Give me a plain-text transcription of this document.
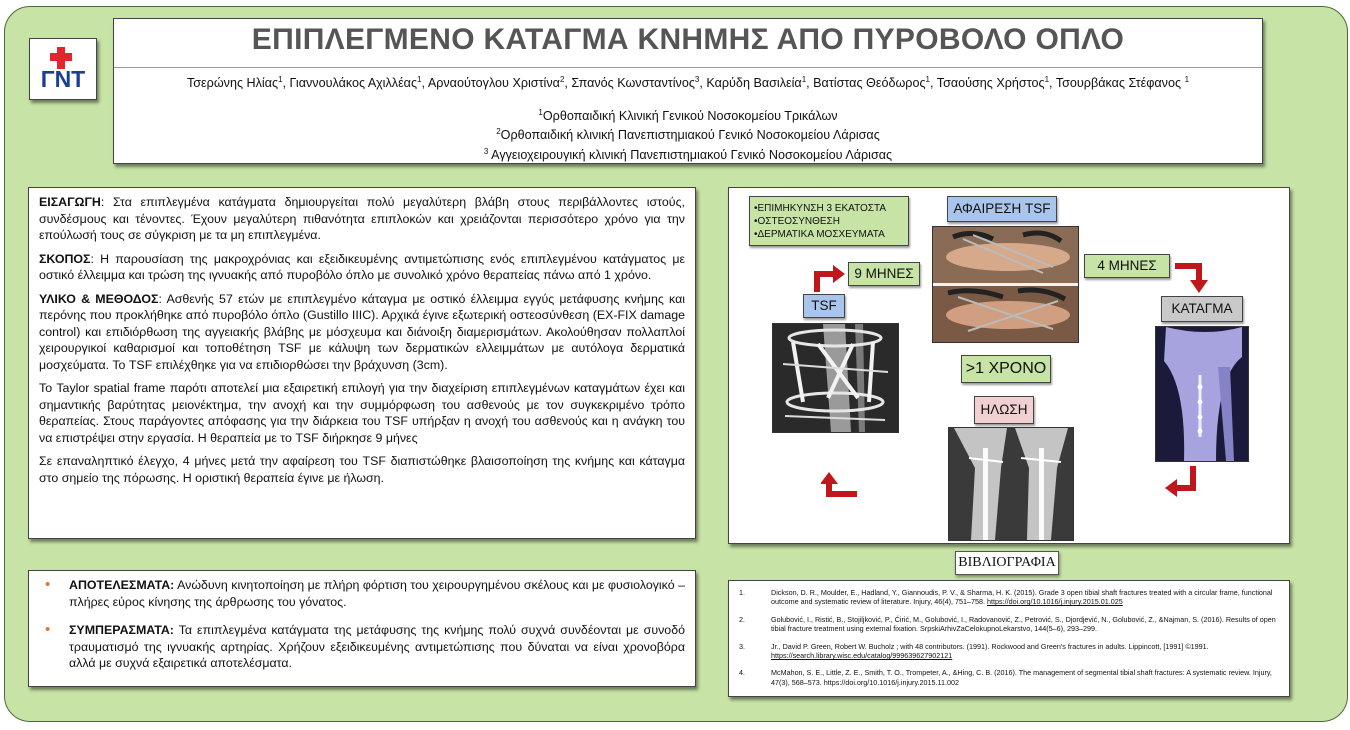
ΓΝΤ
ΕΠΙΠΛΕΓΜΕΝΟ ΚΑΤΑΓΜΑ ΚΝΗΜΗΣ ΑΠΟ ΠΥΡΟΒΟΛΟ ΟΠΛΟ
Τσερώνης Ηλίας$^1$, Γιαννουλάκος Αχιλλέας$^1$, Αρναούτογλου Χριστίνα$^2$, Σπανός Κωνσταντίνος$^3$, Καρύδη Βασιλεία$^1$, Βατίστας Θεόδωρος$^1$, Τσαούσης Χρήστος$^1$, Τσουρβάκας Στέφανος $^1$
$^1$Ορθοπαιδική Κλινική Γενικού Νοσοκομείου Τρικάλων
$^2$Ορθοπαιδική κλινική Πανεπιστημιακού Γενικό Νοσοκομείου Λάρισας
$^3$ Αγγειοχειρουγική κλινική Πανεπιστημιακού Γενικό Νοσοκομείου Λάρισας

ΕΙΣΑΓΩΓΗ: Στα επιπλεγμένα κατάγματα δημιουργείται πολύ μεγαλύτερη βλάβη στους περιβάλλοντες ιστούς, συνδέσμους και τένοντες. Έχουν μεγαλύτερη πιθανότητα επιπλοκών και χρειάζονται περισσότερο χρόνο για την επούλωσή τους σε σύγκριση με τα μη επιπλεγμένα.

ΣΚΟΠΟΣ: Η παρουσίαση της μακροχρόνιας και εξειδικευμένης αντιμετώπισης ενός επιπλεγμένου κατάγματος με οστικό έλλειμμα και τρώση της ιγνυακής από πυροβόλο όπλο με συνολικό χρόνο θεραπείας πάνω από 1 χρόνο.

ΥΛΙΚΟ & ΜΕΘΟΔΟΣ: Ασθενής 57 ετών με επιπλεγμένο κάταγμα με οστικό έλλειμμα εγγύς μετάφυσης κνήμης και περόνης που προκλήθηκε από πυροβόλο όπλο (Gustillo IIIC). Αρχικά έγινε εξωτερική οστεοσύνθεση (EX-FIX damage control) και επιδιόρθωση της αγγειακής βλάβης με μόσχευμα και διάνοιξη διαμερισμάτων. Ακολούθησαν πολλαπλοί χειρουργικοί καθαρισμοί και τοποθέτηση TSF με κάλυψη των δερματικών ελλειμμάτων με αυτόλογα δερματικά μοσχεύματα. Το TSF επιλέχθηκε για να επιδιορθώσει την βράχυνση (3cm).

Το Taylor spatial frame παρότι αποτελεί μια εξαιρετική επιλογή για την διαχείριση επιπλεγμένων καταγμάτων έχει και σημαντικής βαρύτητας μειονέκτημα, την ανοχή και την συμμόρφωση του ασθενούς με τον συγκεκριμένο τρόπο θεραπείας. Στους παράγοντες απόφασης για την διάρκεια του TSF υπήρξαν η ανοχή του ασθενούς και η ανάγκη του να επιστρέψει στην εργασία. Η θεραπεία με το TSF διήρκησε 9 μήνες

Σε επαναληπτικό έλεγχο, 4 μήνες μετά την αφαίρεση του TSF διαπιστώθηκε βλαισοποίηση της κνήμης και κάταγμα στο σημείο της πόρωσης. Η οριστική θεραπεία έγινε με ήλωση.

• ΑΠΟΤΕΛΕΣΜΑΤΑ: Ανώδυνη κινητοποίηση με πλήρη φόρτιση του χειρουργημένου σκέλους και με φυσιολογικό – πλήρες εύρος κίνησης της άρθρωσης του γόνατος.
• ΣΥΜΠΕΡΑΣΜΑΤΑ: Τα επιπλεγμένα κατάγματα της μετάφυσης της κνήμης πολύ συχνά συνδέονται με συνοδό τραυματισμό της ιγνυακής αρτηρίας. Χρήζουν εξειδικευμένης αντιμετώπισης που δύναται να είναι χρονοβόρα αλλά με συχνά εξαιρετικά αποτελέσματα.
•ΕΠΙΜΗΚΥΝΣΗ 3 ΕΚΑΤΟΣΤΑ
•ΟΣΤΕΟΣΥΝΘΕΣΗ
•ΔΕΡΜΑΤΙΚΑ ΜΟΣΧΕΥΜΑΤΑ
ΑΦΑΙΡΕΣΗ TSF
9 ΜΗΝΕΣ
4 ΜΗΝΕΣ
TSF	ΚΑΤΑΓΜΑ
>1 ΧΡΟΝΟ
ΗΛΩΣΗ
ΒΙΒΛΙΟΓΡΑΦΙΑ
1.	Dickson, D. R., Moulder, E., Hadland, Y., Giannoudis, P. V., & Sharma, H. K. (2015). Grade 3 open tibial shaft fractures treated with a circular frame, functional outcome and systematic review of literature. Injury, 46(4), 751–758. https://doi.org/10.1016/j.injury.2015.01.025
2.	Golubović, I., Ristić, B., Stojiljković, P., Ćirić, M., Golubović, I., Radovanović, Z., Petrović, S., Djordjević, N., Golubović, Z., &Najman, S. (2016). Results of open tibial fracture treatment using external fixation. SrpskiArhivZaCelokupnoLekarstvo, 144(5–6), 293–299.
3.	Jr., David P. Green, Robert W. Bucholz ; with 48 contributors. (1991). Rockwood and Green's fractures in adults. Lippincott, [1991] ©1991. https://search.library.wisc.edu/catalog/999639627902121
4.	McMahon, S. E., Little, Z. E., Smith, T. O., Trompeter, A., &Hing, C. B. (2016). The management of segmental tibial shaft fractures: A systematic review. Injury, 47(3), 568–573. https://doi.org/10.1016/j.injury.2015.11.002
